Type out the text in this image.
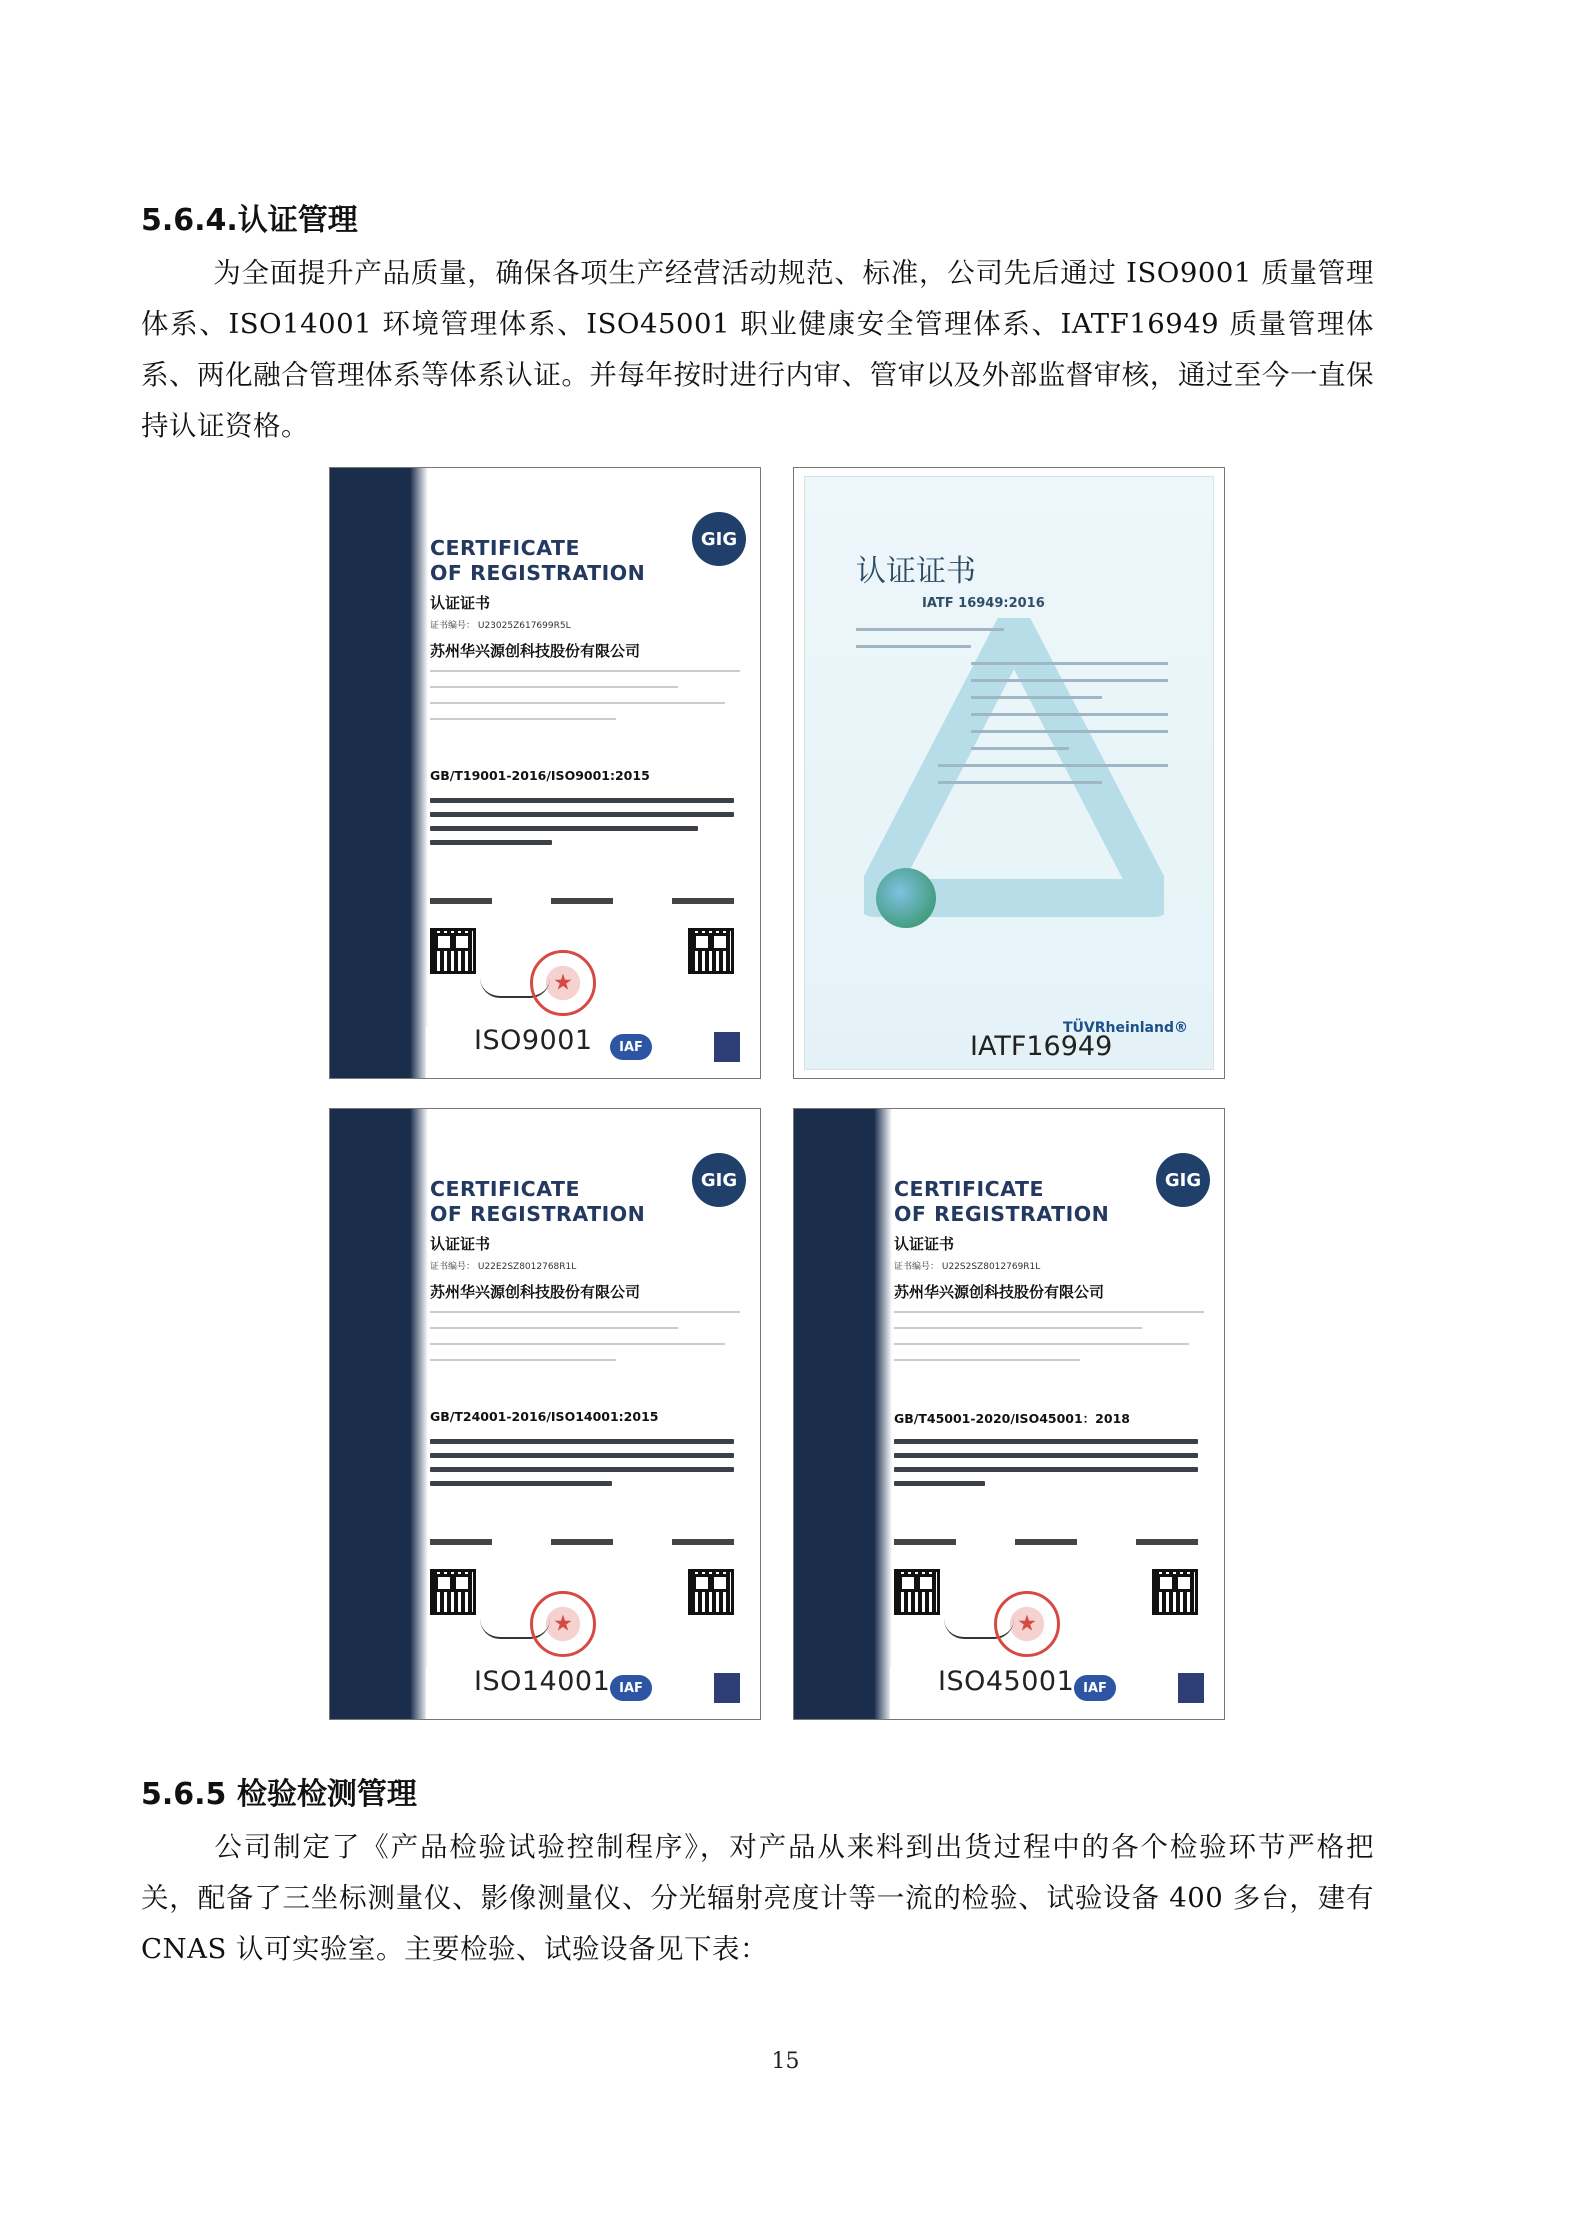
5.6.4.认证管理

为全面提升产品质量，确保各项生产经营活动规范、标准，公司先后通过 ISO9001 质量管理体系、ISO14001 环境管理体系、ISO45001 职业健康安全管理体系、IATF16949 质量管理体系、两化融合管理体系等体系认证。并每年按时进行内审、管审以及外部监督审核，通过至今一直保持认证资格。

CERTIFICATE
OF REGISTRATION
GIG
认证证书
证书编号： U23025Z617699R5L
苏州华兴源创科技股份有限公司
GB/T19001-2016/ISO9001:2015
★
ISO9001	IAF
认证证书
IATF 16949:2016
TÜVRheinland®
IATF16949
CERTIFICATE
OF REGISTRATION
GIG
认证证书
证书编号： U22E2SZ8012768R1L
苏州华兴源创科技股份有限公司
GB/T24001-2016/ISO14001:2015
★
ISO14001 IAF
CERTIFICATE
OF REGISTRATION
GIG
认证证书
证书编号： U22S2SZ8012769R1L
苏州华兴源创科技股份有限公司
GB/T45001-2020/ISO45001：2018
★
ISO45001 IAF
5.6.5 检验检测管理

公司制定了《产品检验试验控制程序》，对产品从来料到出货过程中的各个检验环节严格把关，配备了三坐标测量仪、影像测量仪、分光辐射亮度计等一流的检验、试验设备 400 多台，建有 CNAS 认可实验室。主要检验、试验设备见下表：

15
